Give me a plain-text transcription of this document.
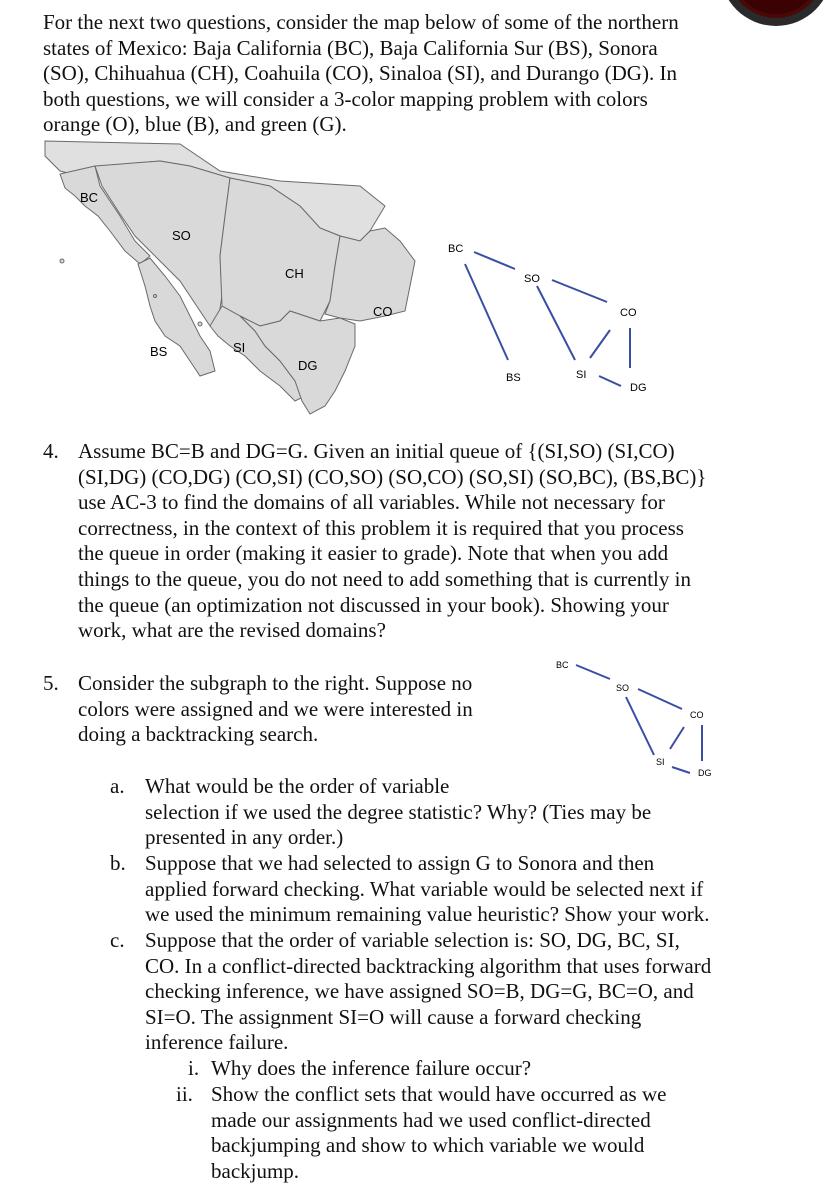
For the next two questions, consider the map below of some of the northern
states of Mexico: Baja California (BC), Baja California Sur (BS), Sonora
(SO), Chihuahua (CH), Coahuila (CO), Sinaloa (SI), and Durango (DG). In
both questions, we will consider a 3-color mapping problem with colors
orange (O), blue (B), and green (G).
BC
SO
CH
CO
BS	SI
DG
BC
SO
CO
BS	SI
DG
4. Assume BC=B and DG=G. Given an initial queue of {(SI,SO) (SI,CO)
(SI,DG) (CO,DG) (CO,SI) (CO,SO) (SO,CO) (SO,SI) (SO,BC), (BS,BC)}
use AC-3 to find the domains of all variables. While not necessary for
correctness, in the context of this problem it is required that you process
the queue in order (making it easier to grade). Note that when you add
things to the queue, you do not need to add something that is currently in
the queue (an optimization not discussed in your book). Showing your
work, what are the revised domains?
5. Consider the subgraph to the right. Suppose no
colors were assigned and we were interested in
doing a backtracking search.
BC
SO
CO
SI
DG
a. What would be the order of variable
selection if we used the degree statistic? Why? (Ties may be
presented in any order.)
b. Suppose that we had selected to assign G to Sonora and then
applied forward checking. What variable would be selected next if
we used the minimum remaining value heuristic? Show your work.
c. Suppose that the order of variable selection is: SO, DG, BC, SI,
CO. In a conflict-directed backtracking algorithm that uses forward
checking inference, we have assigned SO=B, DG=G, BC=O, and
SI=O. The assignment SI=O will cause a forward checking
inference failure.
i. Why does the inference failure occur?
ii. Show the conflict sets that would have occurred as we
made our assignments had we used conflict-directed
backjumping and show to which variable we would
backjump.
